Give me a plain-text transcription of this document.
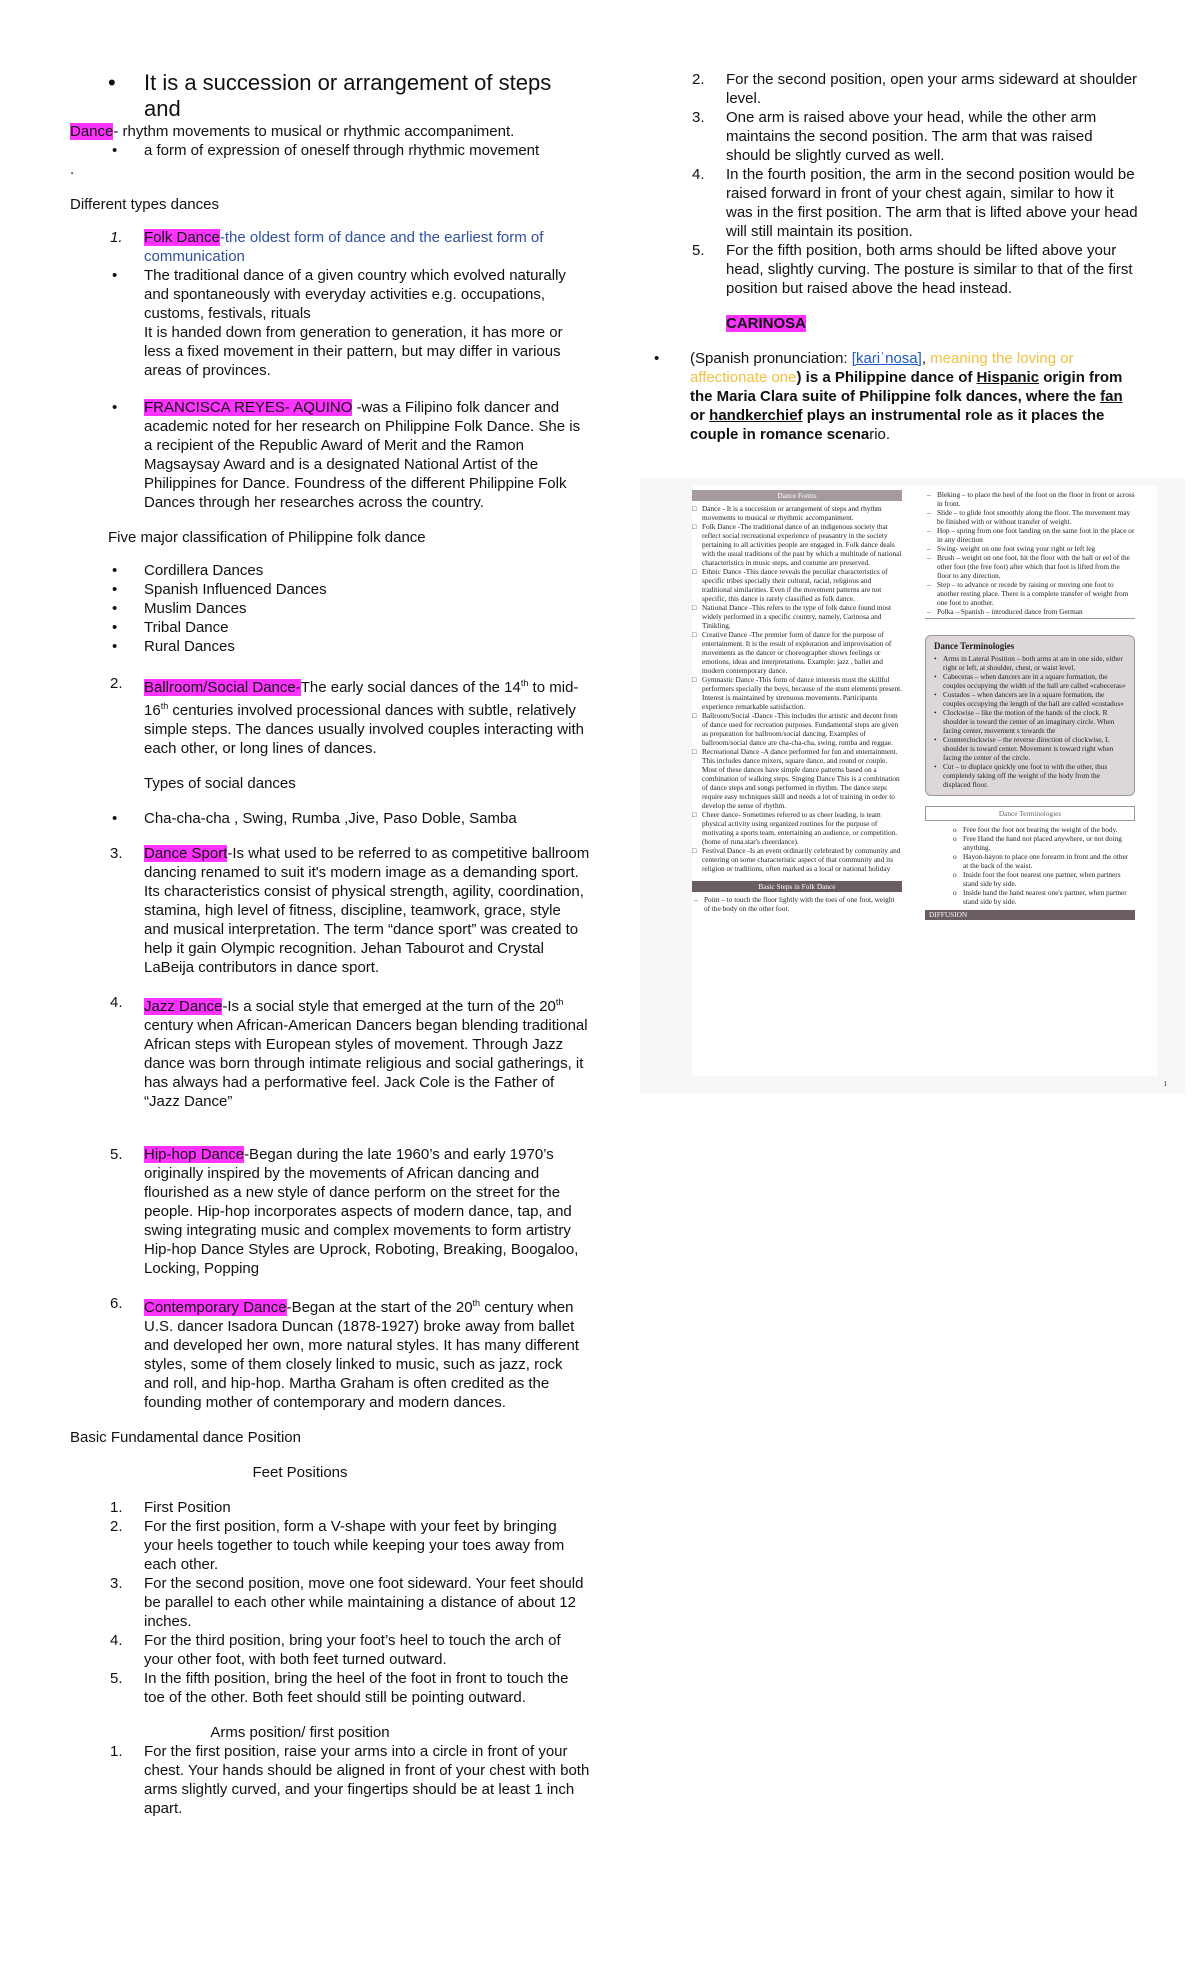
• It is a succession or arrangement of steps and

Dance- rhythm movements to musical or rhythmic accompaniment.

• a form of expression of oneself through rhythmic movement

.

Different types dances

1. Folk Dance-the oldest form of dance and the earliest form of communication
• The traditional dance of a given country which evolved naturally and spontaneously with everyday activities e.g. occupations, customs, festivals, rituals
It is handed down from generation to generation, it has more or less a fixed movement in their pattern, but may differ in various areas of provinces.
• FRANCISCA REYES- AQUINO -was a Filipino folk dancer and academic noted for her research on Philippine Folk Dance. She is a recipient of the Republic Award of Merit and the Ramon Magsaysay Award and is a designated National Artist of the Philippines for Dance. Foundress of the different Philippine Folk Dances through her researches across the country.

Five major classification of Philippine folk dance

• Cordillera Dances
• Spanish Influenced Dances
• Muslim Dances
• Tribal Dance
• Rural Dances
2. Ballroom/Social Dance-The early social dances of the 14th to mid-16th centuries involved processional dances with subtle, relatively simple steps. The dances usually involved couples interacting with each other, or long lines of dances.

Types of social dances

• Cha-cha-cha , Swing, Rumba ,Jive, Paso Doble, Samba
3. Dance Sport-Is what used to be referred to as competitive ballroom dancing renamed to suit it's modern image as a demanding sport. Its characteristics consist of physical strength, agility, coordination, stamina, high level of fitness, discipline, teamwork, grace, style and musical interpretation. The term “dance sport” was created to help it gain Olympic recognition. Jehan Tabourot and Crystal LaBeija contributors in dance sport.
4. Jazz Dance-Is a social style that emerged at the turn of the 20th century when African-American Dancers began blending traditional African steps with European styles of movement. Through Jazz dance was born through intimate religious and social gatherings, it has always had a performative feel. Jack Cole is the Father of “Jazz Dance”
5. Hip-hop Dance-Began during the late 1960’s and early 1970’s originally inspired by the movements of African dancing and flourished as a new style of dance perform on the street for the people. Hip-hop incorporates aspects of modern dance, tap, and swing integrating music and complex movements to form artistry Hip-hop Dance Styles are Uprock, Roboting, Breaking, Boogaloo, Locking, Popping
6. Contemporary Dance-Began at the start of the 20th century when U.S. dancer Isadora Duncan (1878-1927) broke away from ballet and developed her own, more natural styles. It has many different styles, some of them closely linked to music, such as jazz, rock and roll, and hip-hop. Martha Graham is often credited as the founding mother of contemporary and modern dances.

Basic Fundamental dance Position

Feet Positions

1. First Position
2. For the first position, form a V-shape with your feet by bringing your heels together to touch while keeping your toes away from each other.
3. For the second position, move one foot sideward. Your feet should be parallel to each other while maintaining a distance of about 12 inches.
4. For the third position, bring your foot’s heel to touch the arch of your other foot, with both feet turned outward.
5. In the fifth position, bring the heel of the foot in front to touch the toe of the other. Both feet should still be pointing outward.

Arms position/ first position

1. For the first position, raise your arms into a circle in front of your chest. Your hands should be aligned in front of your chest with both arms slightly curved, and your fingertips should be at least 1 inch apart.
2. For the second position, open your arms sideward at shoulder level.
3. One arm is raised above your head, while the other arm maintains the second position. The arm that was raised should be slightly curved as well.
4. In the fourth position, the arm in the second position would be raised forward in front of your chest again, similar to how it was in the first position. The arm that is lifted above your head will still maintain its position.
5. For the fifth position, both arms should be lifted above your head, slightly curving. The posture is similar to that of the first position but raised above the head instead.

CARINOSA

• (Spanish pronunciation: [kaɾiˈnosa], meaning the loving or affectionate one) is a Philippine dance of Hispanic origin from the Maria Clara suite of Philippine folk dances, where the fan or handkerchief plays an instrumental role as it places the couple in romance scenario.
Dance Forms
□ Dance - It is a succession or arrangement of steps and rhythm movements to musical or rhythmic accompaniment.
□ Folk Dance -The traditional dance of an indigenous society that reflect social recreational experience of peasantry in the society pertaining to all activities people are engaged in. Folk dance deals with the usual traditions of the past by which a multitude of national characteristics in music steps, and costume are preserved.
□ Ethnic Dance -This dance reveals the peculiar characteristics of specific tribes specially their cultural, racial, religious and traditional similarities. Even if the movement patterns are not specific, this dance is rarely classified as folk dance.
□ National Dance -This refers to the type of folk dance found most widely performed in a specific country, namely, Carinosa and Tinikling.
□ Creative Dance -The premier form of dance for the purpose of entertainment. It is the result of exploration and improvisation of movements as the dancer or choreographer shows feelings or emotions, ideas and interpretations. Example: jazz , ballet and modern contemporary dance.
□ Gymnastic Dance -This form of dance interests most the skillful performers specially the boys, because of the stunt elements present. Interest is maintained by strenuous movements. Participants experience remarkable satisfaction.
□ Ballroom/Social -Dance -This includes the artistic and decent from of dance used for recreation purposes. Fundamental steps are given as preparation for ballroom/social dancing. Examples of ballroom/social dance are cha-cha-cha, swing, rumba and reggae.
□ Recreational Dance -A dance performed for fun and entertainment. This includes dance mixers, square dance, and round or couple. Most of these dances have simple dance patterns based on a combination of walking steps. Singing Dance This is a combination of dance steps and songs performed in rhythm. The dance steps require easy techniques skill and needs a lot of training in order to develop the sense of rhythm.
□ Cheer dance- Sometimes referred to as cheer leading, is team physical activity using organized routines for the purpose of motivating a sports team, entertaining an audience, or competition. (home of runa.star's cheerdance).
□ Festival Dance -Is an event ordinarily celebrated by community and centering on some characteristic aspect of that community and its religion or traditions, often marked as a local or national holiday
Basic Steps in Folk Dance
– Point – to touch the floor lightly with the toes of one foot, weight of the body on the other foot.
– Bleking – to place the heel of the foot on the floor in front or across in front.
– Slide – to glide foot smoothly along the floor. The movement may be finished with or without transfer of weight.
– Hop – spring from one foot landing on the same foot in the place or in any direction
– Swing- weight on one foot swing your right or left leg
– Brush – weight on one foot, hit the floor with the ball or eel of the other foot (the free foot) after which that foot is lifted from the floor to any direction.
– Step – to advance or recede by raising or moving one foot to another resting place. There is a complete transfer of weight from one foot to another.
– Polka – Spanish – introduced dance from German
Dance Terminologies
• Arms in Lateral Position – both arms at are in one side, either right or left, at shoulder, chest, or waist level.
• Cabeceras – when dancers are in a square formation, the couples occupying the width of the hall are called «cabeceras»
• Costados – when dancers are in a square formation, the couples occupying the length of the hall are called «costados»
• Clockwise – like the motion of the hands of the clock. R shoulder is toward the center of an imaginary circle. When facing center, movement s towards the
• Counterclockwise – the reverse direction of clockwise, L shoulder is toward center. Movement is toward right when facing the center of the circle.
• Cut – to displace quickly one foot to with the other, thus completely taking off the weight of the body from the displaced floor.
Dance Terminologies
o Free foot the foot not bearing the weight of the body.
o Free Hand the hand not placed anywhere, or not doing anything.
o Hayon-hayon to place one forearm in front and the other at the back of the waist.
o Inside foot the foot nearest one partner, when partners stand side by side.
o Inside hand the hand nearest one's partner, when partner stand side by side.
DIFFUSION
1
